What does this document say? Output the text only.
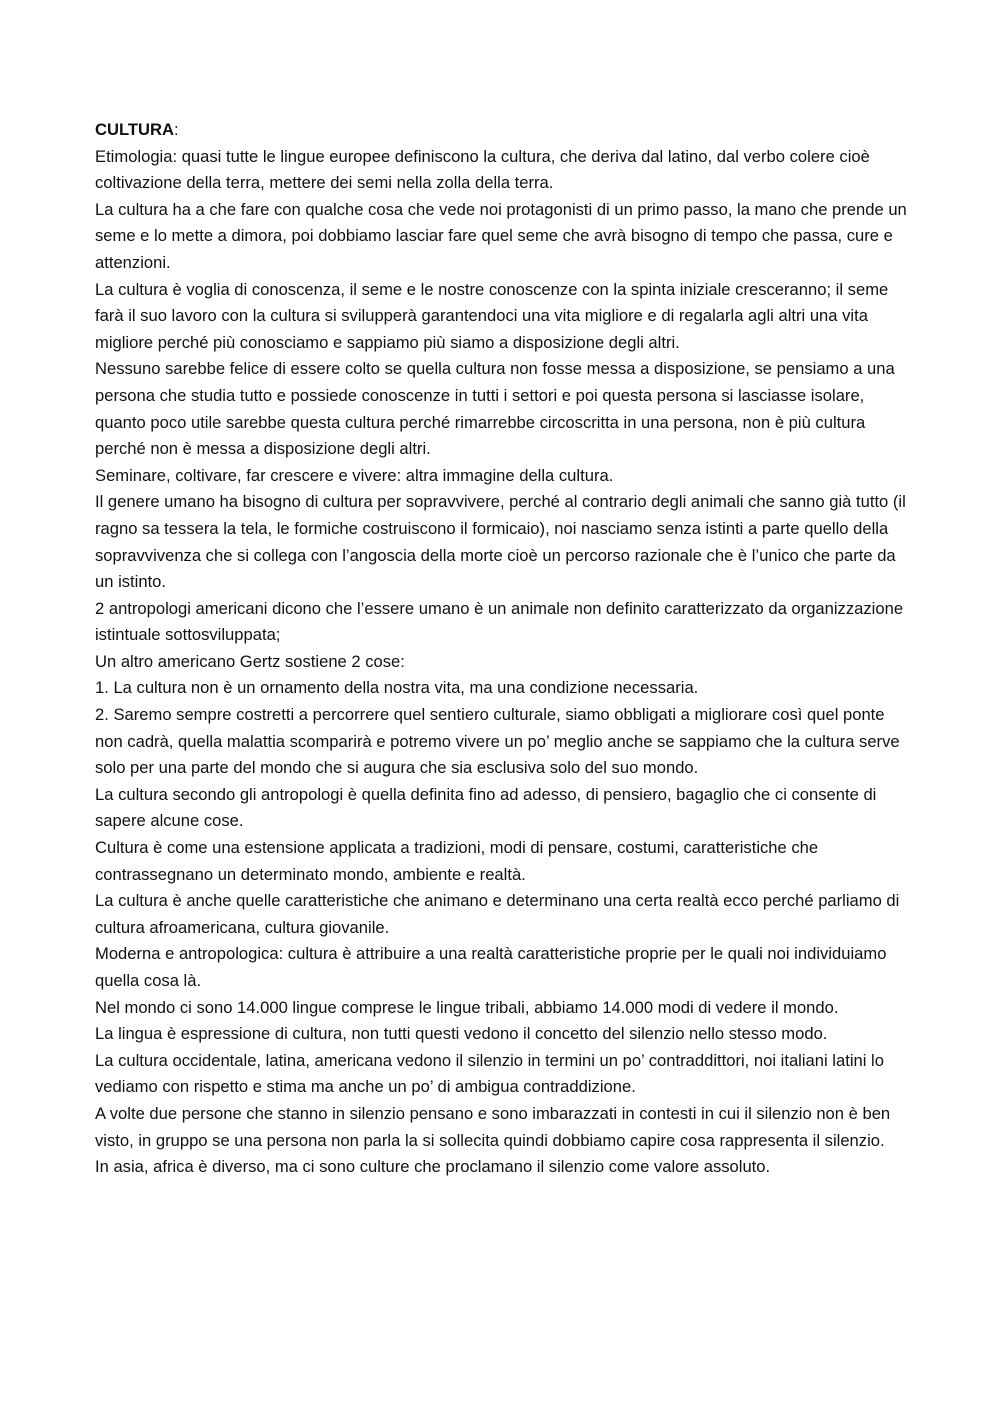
CULTURA:

Etimologia: quasi tutte le lingue europee definiscono la cultura, che deriva dal latino, dal verbo colere cioè coltivazione della terra, mettere dei semi nella zolla della terra.

La cultura ha a che fare con qualche cosa che vede noi protagonisti di un primo passo, la mano che prende un seme e lo mette a dimora, poi dobbiamo lasciar fare quel seme che avrà bisogno di tempo che passa, cure e attenzioni.

La cultura è voglia di conoscenza, il seme e le nostre conoscenze con la spinta iniziale cresceranno; il seme farà il suo lavoro con la cultura si svilupperà garantendoci una vita migliore e di regalarla agli altri una vita migliore perché più conosciamo e sappiamo più siamo a disposizione degli altri.

Nessuno sarebbe felice di essere colto se quella cultura non fosse messa a disposizione, se pensiamo a una persona che studia tutto e possiede conoscenze in tutti i settori e poi questa persona si lasciasse isolare, quanto poco utile sarebbe questa cultura perché rimarrebbe circoscritta in una persona, non è più cultura perché non è messa a disposizione degli altri.

Seminare, coltivare, far crescere e vivere: altra immagine della cultura.

Il genere umano ha bisogno di cultura per sopravvivere, perché al contrario degli animali che sanno già tutto (il ragno sa tessera la tela, le formiche costruiscono il formicaio), noi nasciamo senza istinti a parte quello della sopravvivenza che si collega con l’angoscia della morte cioè un percorso razionale che è l’unico che parte da un istinto.

2 antropologi americani dicono che l’essere umano è un animale non definito caratterizzato da organizzazione istintuale sottosviluppata;

Un altro americano Gertz sostiene 2 cose:

1. La cultura non è un ornamento della nostra vita, ma una condizione necessaria.

2. Saremo sempre costretti a percorrere quel sentiero culturale, siamo obbligati a migliorare così quel ponte non cadrà, quella malattia scomparirà e potremo vivere un po’ meglio anche se sappiamo che la cultura serve solo per una parte del mondo che si augura che sia esclusiva solo del suo mondo.

La cultura secondo gli antropologi è quella definita fino ad adesso, di pensiero, bagaglio che ci consente di sapere alcune cose.

Cultura è come una estensione applicata a tradizioni, modi di pensare, costumi, caratteristiche che contrassegnano un determinato mondo, ambiente e realtà.

La cultura è anche quelle caratteristiche che animano e determinano una certa realtà ecco perché parliamo di cultura afroamericana, cultura giovanile.

Moderna e antropologica: cultura è attribuire a una realtà caratteristiche proprie per le quali noi individuiamo quella cosa là.

Nel mondo ci sono 14.000 lingue comprese le lingue tribali, abbiamo 14.000 modi di vedere il mondo.

La lingua è espressione di cultura, non tutti questi vedono il concetto del silenzio nello stesso modo.

La cultura occidentale, latina, americana vedono il silenzio in termini un po’ contraddittori, noi italiani latini lo vediamo con rispetto e stima ma anche un po’ di ambigua contraddizione.

A volte due persone che stanno in silenzio pensano e sono imbarazzati in contesti in cui il silenzio non è ben visto, in gruppo se una persona non parla la si sollecita quindi dobbiamo capire cosa rappresenta il silenzio.

In asia, africa è diverso, ma ci sono culture che proclamano il silenzio come valore assoluto.
